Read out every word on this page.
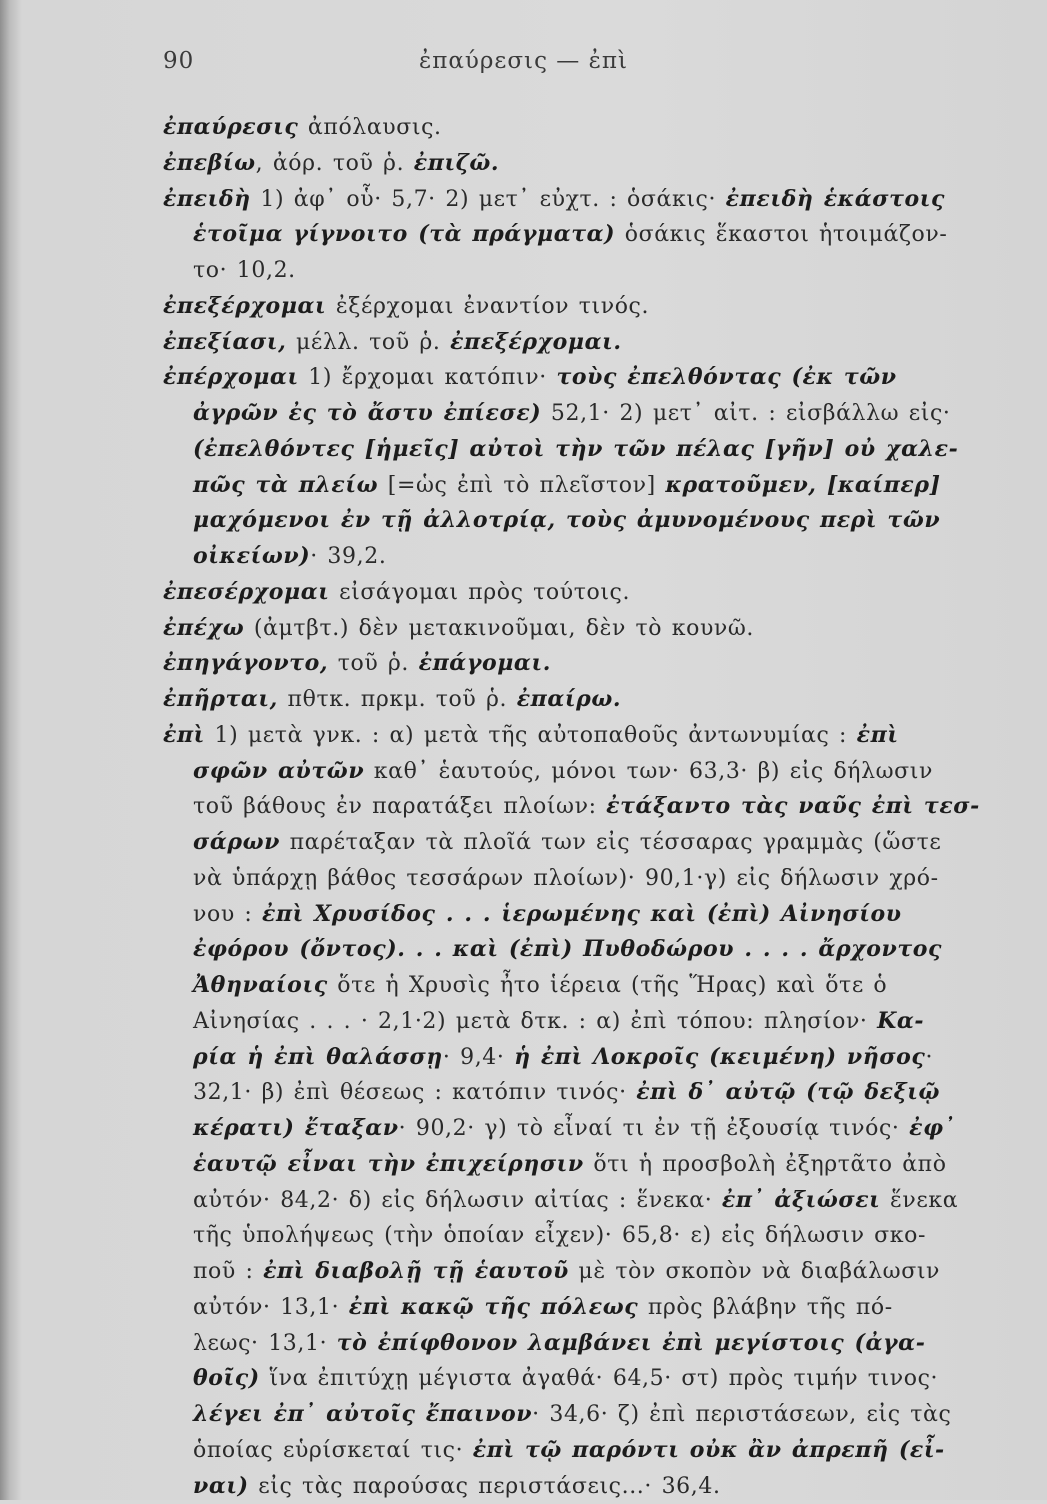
90	ἐπαύρεσις — ἐπὶ
ἐπαύρεσις ἀπόλαυσις.
ἐπεβίω, ἀόρ. τοῦ ῥ. ἐπιζῶ.
ἐπειδὴ 1) ἀφ᾽ οὗ· 5,7· 2) μετ᾽ εὐχτ. : ὁσάκις· ἐπειδὴ ἑκάστοις
ἑτοῖμα γίγνοιτο (τὰ πράγματα) ὁσάκις ἕκαστοι ἡτοιμάζον-
το· 10,2.
ἐπεξέρχομαι ἐξέρχομαι ἐναντίον τινός.
ἐπεξίασι, μέλλ. τοῦ ῥ. ἐπεξέρχομαι.
ἐπέρχομαι 1) ἔρχομαι κατόπιν· τοὺς ἐπελθόντας (ἐκ τῶν
ἀγρῶν ἐς τὸ ἄστυ ἐπίεσε) 52,1· 2) μετ᾽ αἰτ. : εἰσβάλλω εἰς·
(ἐπελθόντες [ἡμεῖς] αὐτοὶ τὴν τῶν πέλας [γῆν] οὐ χαλε-
πῶς τὰ πλείω [=ὡς ἐπὶ τὸ πλεῖστον] κρατοῦμεν, [καίπερ]
μαχόμενοι ἐν τῇ ἀλλοτρίᾳ, τοὺς ἀμυνομένους περὶ τῶν
οἰκείων)· 39,2.
ἐπεσέρχομαι εἰσάγομαι πρὸς τούτοις.
ἐπέχω (ἀμτβτ.) δὲν μετακινοῦμαι, δὲν τὸ κουνῶ.
ἐπηγάγοντο, τοῦ ῥ. ἐπάγομαι.
ἐπῆρται, πθτκ. πρκμ. τοῦ ῥ. ἐπαίρω.
ἐπὶ 1) μετὰ γνκ. : α) μετὰ τῆς αὐτοπαθοῦς ἀντωνυμίας : ἐπὶ
σφῶν αὐτῶν καθ᾽ ἑαυτούς, μόνοι των· 63,3· β) εἰς δήλωσιν
τοῦ βάθους ἐν παρατάξει πλοίων: ἐτάξαντο τὰς ναῦς ἐπὶ τεσ-
σάρων παρέταξαν τὰ πλοῖά των εἰς τέσσαρας γραμμὰς (ὥστε
νὰ ὑπάρχῃ βάθος τεσσάρων πλοίων)· 90,1·γ) εἰς δήλωσιν χρό-
νου : ἐπὶ Χρυσίδος . . . ἱερωμένης καὶ (ἐπὶ) Αἰνησίου
ἐφόρου (ὄντος). . . καὶ (ἐπὶ) Πυθοδώρου . . . . ἄρχοντος
Ἀθηναίοις ὅτε ἡ Χρυσὶς ἦτο ἱέρεια (τῆς Ἥρας) καὶ ὅτε ὁ
Αἰνησίας . . . · 2,1·2) μετὰ δτκ. : α) ἐπὶ τόπου: πλησίον· Κα-
ρία ἡ ἐπὶ θαλάσσῃ· 9,4· ἡ ἐπὶ Λοκροῖς (κειμένη) νῆσος·
32,1· β) ἐπὶ θέσεως : κατόπιν τινός· ἐπὶ δ᾽ αὐτῷ (τῷ δεξιῷ
κέρατι) ἔταξαν· 90,2· γ) τὸ εἶναί τι ἐν τῇ ἐξουσίᾳ τινός· ἐφ᾽
ἑαυτῷ εἶναι τὴν ἐπιχείρησιν ὅτι ἡ προσβολὴ ἐξηρτᾶτο ἀπὸ
αὐτόν· 84,2· δ) εἰς δήλωσιν αἰτίας : ἕνεκα· ἐπ᾽ ἀξιώσει ἕνεκα
τῆς ὑπολήψεως (τὴν ὁποίαν εἶχεν)· 65,8· ε) εἰς δήλωσιν σκο-
ποῦ : ἐπὶ διαβολῇ τῇ ἑαυτοῦ μὲ τὸν σκοπὸν νὰ διαβάλωσιν
αὐτόν· 13,1· ἐπὶ κακῷ τῆς πόλεως πρὸς βλάβην τῆς πό-
λεως· 13,1· τὸ ἐπίφθονον λαμβάνει ἐπὶ μεγίστοις (ἀγα-
θοῖς) ἵνα ἐπιτύχῃ μέγιστα ἀγαθά· 64,5· στ) πρὸς τιμήν τινος·
λέγει ἐπ᾽ αὐτοῖς ἔπαινον· 34,6· ζ) ἐπὶ περιστάσεων, εἰς τὰς
ὁποίας εὑρίσκεταί τις· ἐπὶ τῷ παρόντι οὐκ ἂν ἀπρεπῆ (εἶ-
ναι) εἰς τὰς παρούσας περιστάσεις...· 36,4.
